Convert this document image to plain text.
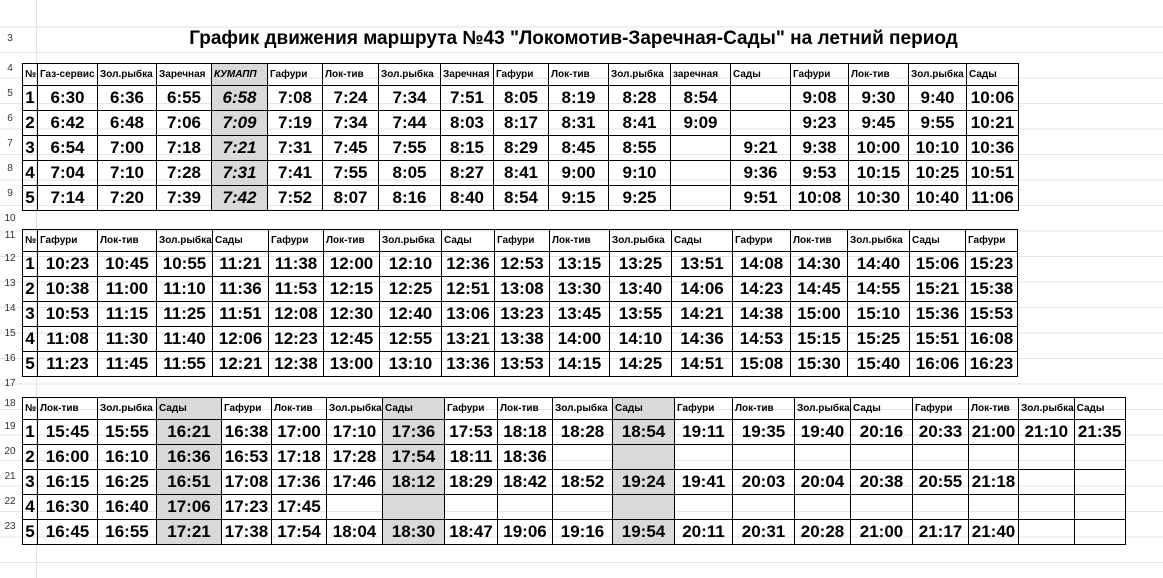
3
4
5
6
7
8
9
10
11
12
13
14
15
16
17
18
19
20
21
22
23
График движения маршрута №43 "Локомотив-Заречная-Сады" на летний период
№	Газ-сервис	Зол.рыбка	Заречная	КУМАПП	Гафури	Лок-тив	Зол.рыбка	Заречная	Гафури	Лок-тив	Зол.рыбка	заречная	Сады	Гафури	Лок-тив	Зол.рыбка	Сады
1	6:30	6:36	6:55	6:58	7:08	7:24	7:34	7:51	8:05	8:19	8:28	8:54		9:08	9:30	9:40	10:06
2	6:42	6:48	7:06	7:09	7:19	7:34	7:44	8:03	8:17	8:31	8:41	9:09		9:23	9:45	9:55	10:21
3	6:54	7:00	7:18	7:21	7:31	7:45	7:55	8:15	8:29	8:45	8:55		9:21	9:38	10:00	10:10	10:36
4	7:04	7:10	7:28	7:31	7:41	7:55	8:05	8:27	8:41	9:00	9:10		9:36	9:53	10:15	10:25	10:51
5	7:14	7:20	7:39	7:42	7:52	8:07	8:16	8:40	8:54	9:15	9:25		9:51	10:08	10:30	10:40	11:06
№	Гафури	Лок-тив	Зол.рыбка	Сады	Гафури	Лок-тив	Зол.рыбка	Сады	Гафури	Лок-тив	Зол.рыбка	Сады	Гафури	Лок-тив	Зол.рыбка	Сады	Гафури
1	10:23	10:45	10:55	11:21	11:38	12:00	12:10	12:36	12:53	13:15	13:25	13:51	14:08	14:30	14:40	15:06	15:23
2	10:38	11:00	11:10	11:36	11:53	12:15	12:25	12:51	13:08	13:30	13:40	14:06	14:23	14:45	14:55	15:21	15:38
3	10:53	11:15	11:25	11:51	12:08	12:30	12:40	13:06	13:23	13:45	13:55	14:21	14:38	15:00	15:10	15:36	15:53
4	11:08	11:30	11:40	12:06	12:23	12:45	12:55	13:21	13:38	14:00	14:10	14:36	14:53	15:15	15:25	15:51	16:08
5	11:23	11:45	11:55	12:21	12:38	13:00	13:10	13:36	13:53	14:15	14:25	14:51	15:08	15:30	15:40	16:06	16:23
№	Лок-тив	Зол.рыбка	Сады	Гафури	Лок-тив	Зол.рыбка	Сады	Гафури	Лок-тив	Зол.рыбка	Сады	Гафури	Лок-тив	Зол.рыбка	Сады	Гафури	Лок-тив	Зол.рыбка	Сады
1	15:45	15:55	16:21	16:38	17:00	17:10	17:36	17:53	18:18	18:28	18:54	19:11	19:35	19:40	20:16	20:33	21:00	21:10	21:35
2	16:00	16:10	16:36	16:53	17:18	17:28	17:54	18:11	18:36										
3	16:15	16:25	16:51	17:08	17:36	17:46	18:12	18:29	18:42	18:52	19:24	19:41	20:03	20:04	20:38	20:55	21:18		
4	16:30	16:40	17:06	17:23	17:45														
5	16:45	16:55	17:21	17:38	17:54	18:04	18:30	18:47	19:06	19:16	19:54	20:11	20:31	20:28	21:00	21:17	21:40		
